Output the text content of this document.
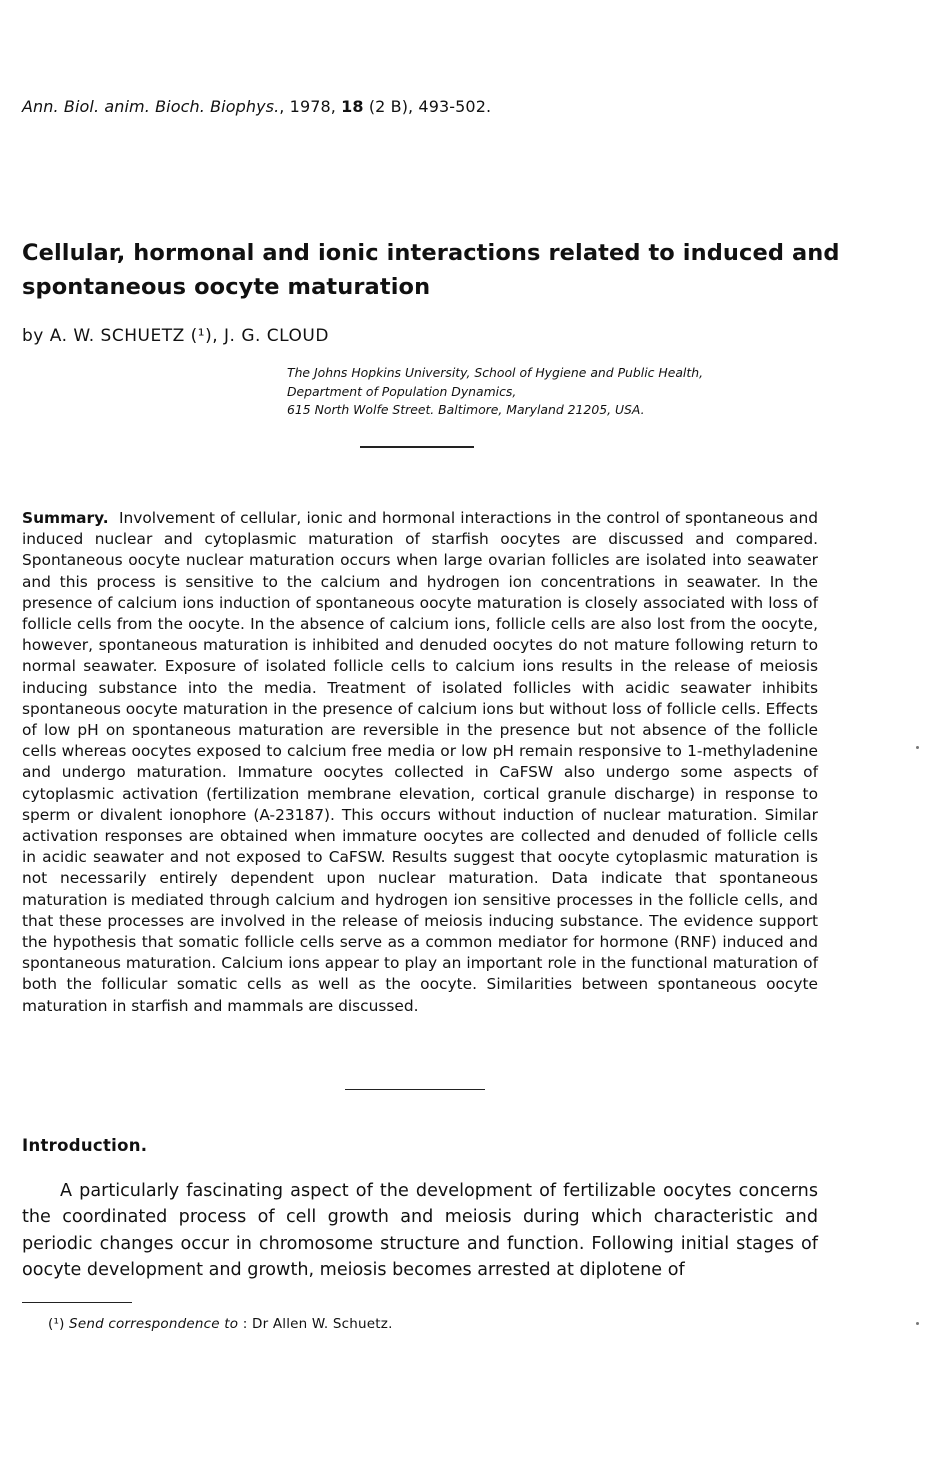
Ann. Biol. anim. Bioch. Biophys., 1978, 18 (2 B), 493-502.
Cellular, hormonal and ionic interactions related to induced and spontaneous oocyte maturation
by A. W. SCHUETZ (¹), J. G. CLOUD
The Johns Hopkins University, School of Hygiene and Public Health,
Department of Population Dynamics,
615 North Wolfe Street. Baltimore, Maryland 21205, USA.
Summary. Involvement of cellular, ionic and hormonal interactions in the control of spontaneous and induced nuclear and cytoplasmic maturation of starfish oocytes are discussed and compared. Spontaneous oocyte nuclear maturation occurs when large ovarian follicles are isolated into seawater and this process is sensitive to the calcium and hydrogen ion concentrations in seawater. In the presence of calcium ions induction of spontaneous oocyte maturation is closely associated with loss of follicle cells from the oocyte. In the absence of calcium ions, follicle cells are also lost from the oocyte, however, spontaneous maturation is inhibited and denuded oocytes do not mature following return to normal seawater. Exposure of isolated follicle cells to calcium ions results in the release of meiosis inducing substance into the media. Treatment of isolated follicles with acidic seawater inhibits spontaneous oocyte maturation in the presence of calcium ions but without loss of follicle cells. Effects of low pH on spontaneous maturation are reversible in the presence but not absence of the follicle cells whereas oocytes exposed to calcium free media or low pH remain responsive to 1-methyladenine and undergo maturation. Immature oocytes collected in CaFSW also undergo some aspects of cytoplasmic activation (fertilization membrane elevation, cortical granule discharge) in response to sperm or divalent ionophore (A-23187). This occurs without induction of nuclear maturation. Similar activation responses are obtained when immature oocytes are collected and denuded of follicle cells in acidic seawater and not exposed to CaFSW. Results suggest that oocyte cytoplasmic maturation is not necessarily entirely dependent upon nuclear maturation. Data indicate that spontaneous maturation is mediated through calcium and hydrogen ion sensitive processes in the follicle cells, and that these processes are involved in the release of meiosis inducing substance. The evidence support the hypothesis that somatic follicle cells serve as a common mediator for hormone (RNF) induced and spontaneous maturation. Calcium ions appear to play an important role in the functional maturation of both the follicular somatic cells as well as the oocyte. Similarities between spontaneous oocyte maturation in starfish and mammals are discussed.
Introduction.
A particularly fascinating aspect of the development of fertilizable oocytes concerns the coordinated process of cell growth and meiosis during which characteristic and periodic changes occur in chromosome structure and function. Following initial stages of oocyte development and growth, meiosis becomes arrested at diplotene of
(¹) Send correspondence to : Dr Allen W. Schuetz.
